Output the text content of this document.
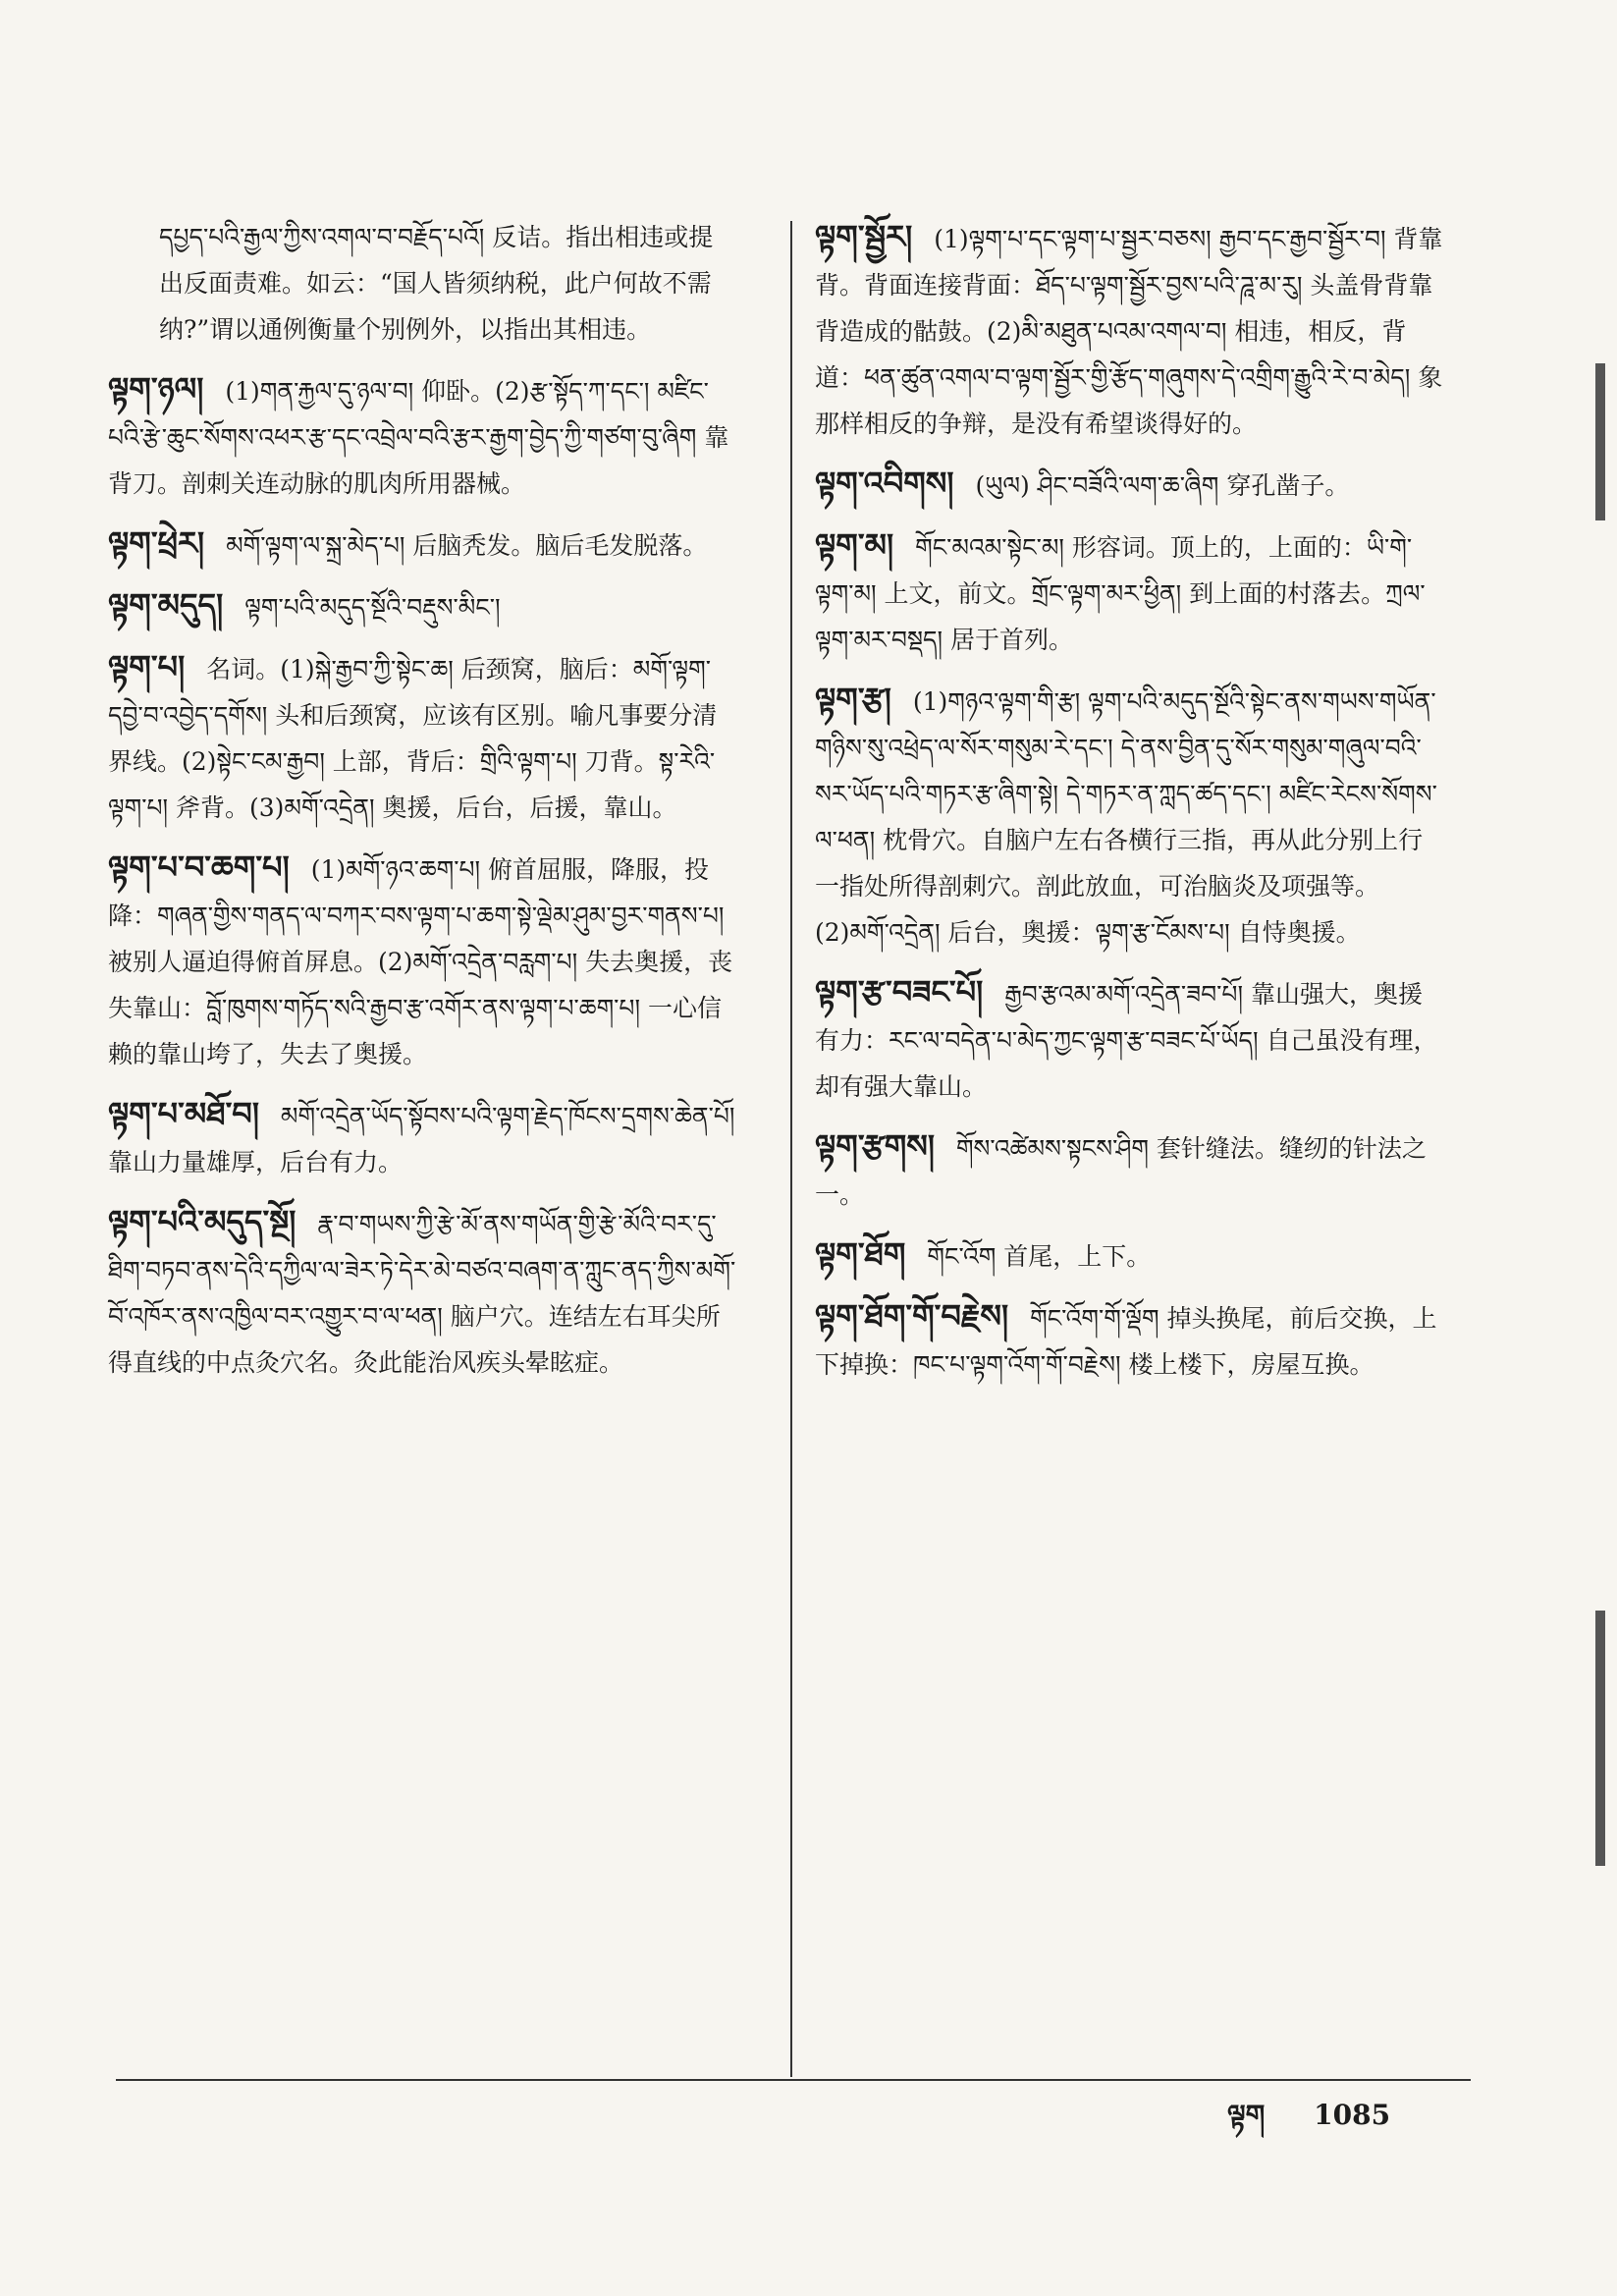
དཔྱད་པའི་རྒྱལ་ཀྱིས་འགལ་བ་བརྗོད་པའོ། 反诘。指出相违或提出反面责难。如云：“国人皆须纳税，此户何故不需纳?”谓以通例衡量个别例外，以指出其相违。

ལྟག་ཉལ། (1)གན་རྐྱལ་དུ་ཉལ་བ། 仰卧。(2)རྩ་སྟོད་ཀ་དང་། མཛིང་པའི་རྩེ་ཆུང་སོགས་འཕར་རྩ་དང་འབྲེལ་བའི་རྩར་རྒྱག་བྱེད་ཀྱི་གཙག་བུ་ཞིག 靠背刀。剖刺关连动脉的肌肉所用器械。

ལྟག་ཕྲེར། མགོ་ལྟག་ལ་སྐྲ་མེད་པ། 后脑秃发。脑后毛发脱落。

ལྟག་མདུད། ལྟག་པའི་མདུད་སྔོའི་བརྡུས་མིང་།

ལྟག་པ། 名词。(1)སྐེ་རྒྱབ་ཀྱི་སྟེང་ཆ། 后颈窝，脑后：མགོ་ལྟག་དབྱེ་བ་འབྱེད་དགོས། 头和后颈窝，应该有区别。喻凡事要分清界线。(2)སྟེང་ངམ་རྒྱབ། 上部，背后：གྲིའི་ལྟག་པ། 刀背。སྟ་རེའི་ལྟག་པ། 斧背。(3)མགོ་འདྲེན། 奥援，后台，后援，靠山。

ལྟག་པ་བ་ཆག་པ། (1)མགོ་ཉའ་ཆག་པ། 俯首屈服，降服，投降：གཞན་གྱིས་གནད་ལ་བཀར་བས་ལྟག་པ་ཆག་སྟེ་ལྡེམ་ཤུམ་བྱར་གནས་པ། 被别人逼迫得俯首屏息。(2)མགོ་འདྲེན་བརླག་པ། 失去奥援，丧失靠山：བློ་ཁུགས་གཏོད་སའི་རྒྱབ་རྩ་འགོར་ནས་ལྟག་པ་ཆག་པ། 一心信赖的靠山垮了，失去了奥援。

ལྟག་པ་མཐོ་བ། མགོ་འདྲེན་ཡོད་སྟོབས་པའི་ལྟག་རྗེད་ཁོངས་དྲགས་ཆེན་པོ། 靠山力量雄厚，后台有力。

ལྟག་པའི་མདུད་སྔོ། རྣ་བ་གཡས་ཀྱི་རྩེ་མོ་ནས་གཡོན་གྱི་རྩེ་མོའི་བར་དུ་ཐིག་བཏབ་ནས་དེའི་དཀྱིལ་ལ་ཟེར་ཏེ་དེར་མེ་བཙའ་བཞག་ན་ཀླུང་ནད་ཀྱིས་མགོ་བོ་འཁོར་ནས་འཁྱིལ་བར་འགྱུར་བ་ལ་ཕན། 脑户穴。连结左右耳尖所得直线的中点灸穴名。灸此能治风疾头晕眩症。

ལྟག་སྦྱོར། (1)ལྟག་པ་དང་ལྟག་པ་སྦྱར་བཅས། རྒྱབ་དང་རྒྱབ་སྦྱོར་བ། 背靠背。背面连接背面：ཐོད་པ་ལྟག་སྦྱོར་བྱས་པའི་ཌཱ་མ་རུ། 头盖骨背靠背造成的骷鼓。(2)མི་མཐུན་པའམ་འགལ་བ། 相违，相反，背道：ཕན་ཚུན་འགལ་བ་ལྟག་སྦྱོར་གྱི་རྩོད་གཞུགས་དེ་འགྲིག་རྒྱུའི་རེ་བ་མེད། 象那样相反的争辩，是没有希望谈得好的。

ལྟག་འབིགས། (ཡུལ) ཤིང་བཟོའི་ལག་ཆ་ཞིག 穿孔凿子。

ལྟག་མ། གོང་མའམ་སྟེང་མ། 形容词。顶上的，上面的：ཡི་གེ་ལྟག་མ། 上文，前文。གྲོང་ལྟག་མར་ཕྱིན། 到上面的村落去。ཀྲལ་ལྟག་མར་བསྡད། 居于首列。

ལྟག་རྩ། (1)གཉའ་ལྟག་གི་རྩ། ལྟག་པའི་མདུད་སྔོའི་སྟེང་ནས་གཡས་གཡོན་གཉིས་སུ་འཕྲེད་ལ་སོར་གསུམ་རེ་དང་། དེ་ནས་བྱིན་དུ་སོར་གསུམ་གཞུལ་བའི་སར་ཡོད་པའི་གཏར་རྩ་ཞིག་སྟེ། དེ་གཏར་ན་ཀླད་ཚད་དང་། མཛིང་རེངས་སོགས་ལ་ཕན། 枕骨穴。自脑户左右各横行三指，再从此分别上行一指处所得剖刺穴。剖此放血，可治脑炎及项强等。(2)མགོ་འདྲེན། 后台，奥援：ལྟག་རྩ་ངོམས་པ། 自恃奥援。

ལྟག་རྩ་བཟང་པོ། རྒྱབ་རྩའམ་མགོ་འདྲེན་ཟབ་པོ། 靠山强大，奥援有力：རང་ལ་བདེན་པ་མེད་ཀྱང་ལྟག་རྩ་བཟང་པོ་ཡོད། 自己虽没有理，却有强大靠山。

ལྟག་རྩགས། གོས་འཚེམས་སྟངས་ཤིག 套针缝法。缝纫的针法之一。

ལྟག་ཐོག གོང་འོག 首尾，上下。

ལྟག་ཐོག་གོ་བརྗེས། གོང་འོག་གོ་ལྡོག 掉头换尾，前后交换，上下掉换：ཁང་པ་ལྟག་འོག་གོ་བརྗེས། 楼上楼下，房屋互换。

ལྟག 1085
